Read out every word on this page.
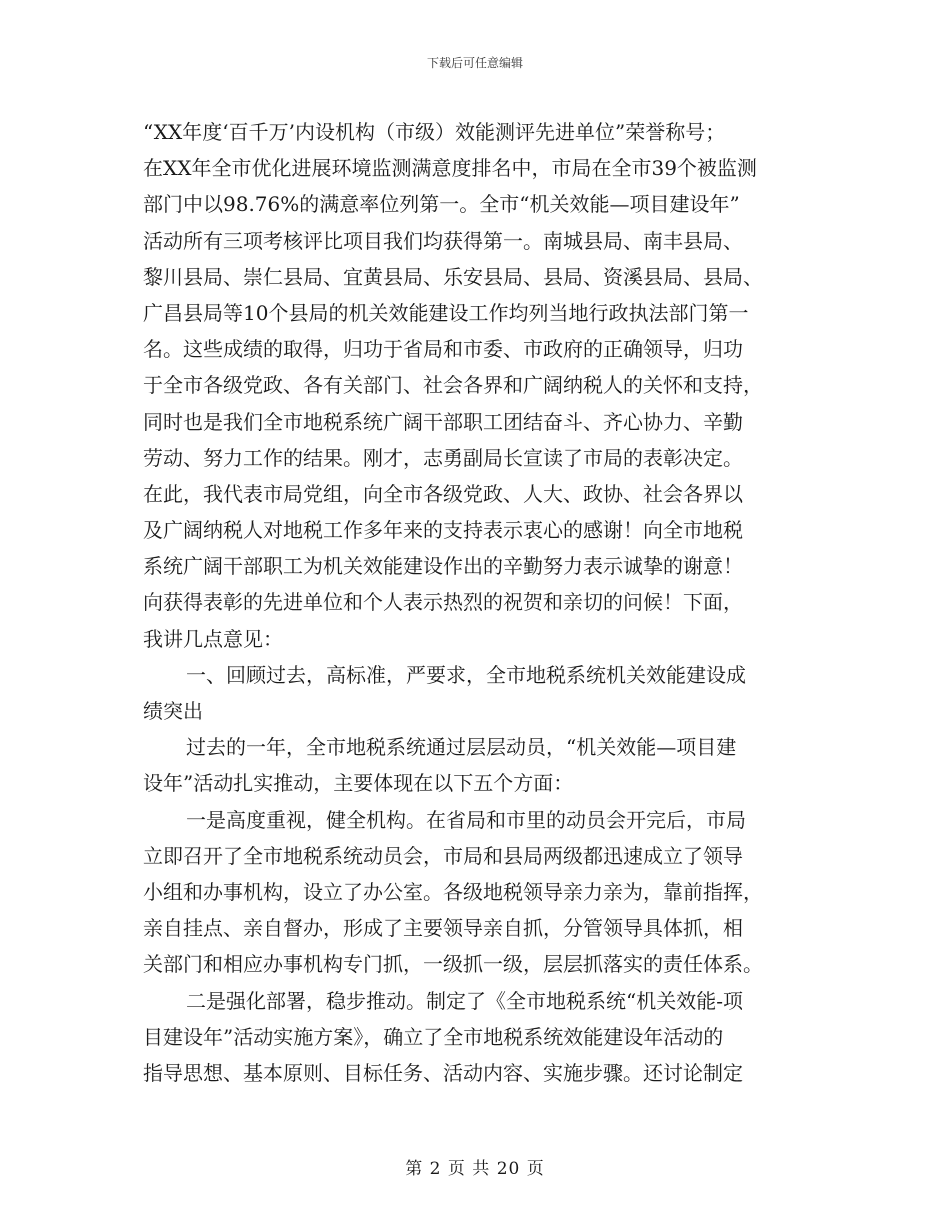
下载后可任意编辑
“XX年度‘百千万’内设机构（市级）效能测评先进单位”荣誉称号；
在XX年全市优化进展环境监测满意度排名中，市局在全市39个被监测
部门中以98.76%的满意率位列第一。全市“机关效能—项目建设年”
活动所有三项考核评比项目我们均获得第一。南城县局、南丰县局、
黎川县局、崇仁县局、宜黄县局、乐安县局、县局、资溪县局、县局、
广昌县局等10个县局的机关效能建设工作均列当地行政执法部门第一
名。这些成绩的取得，归功于省局和市委、市政府的正确领导，归功
于全市各级党政、各有关部门、社会各界和广阔纳税人的关怀和支持，
同时也是我们全市地税系统广阔干部职工团结奋斗、齐心协力、辛勤
劳动、努力工作的结果。刚才，志勇副局长宣读了市局的表彰决定。
在此，我代表市局党组，向全市各级党政、人大、政协、社会各界以
及广阔纳税人对地税工作多年来的支持表示衷心的感谢！向全市地税
系统广阔干部职工为机关效能建设作出的辛勤努力表示诚挚的谢意！
向获得表彰的先进单位和个人表示热烈的祝贺和亲切的问候！下面，
我讲几点意见：
一、回顾过去，高标准，严要求，全市地税系统机关效能建设成
绩突出
过去的一年，全市地税系统通过层层动员，“机关效能—项目建
设年”活动扎实推动，主要体现在以下五个方面：
一是高度重视，健全机构。在省局和市里的动员会开完后，市局
立即召开了全市地税系统动员会，市局和县局两级都迅速成立了领导
小组和办事机构，设立了办公室。各级地税领导亲力亲为，靠前指挥，
亲自挂点、亲自督办，形成了主要领导亲自抓，分管领导具体抓，相
关部门和相应办事机构专门抓，一级抓一级，层层抓落实的责任体系。
二是强化部署，稳步推动。制定了《全市地税系统“机关效能-项
目建设年”活动实施方案》，确立了全市地税系统效能建设年活动的
指导思想、基本原则、目标任务、活动内容、实施步骤。还讨论制定
第 2 页 共 20 页
